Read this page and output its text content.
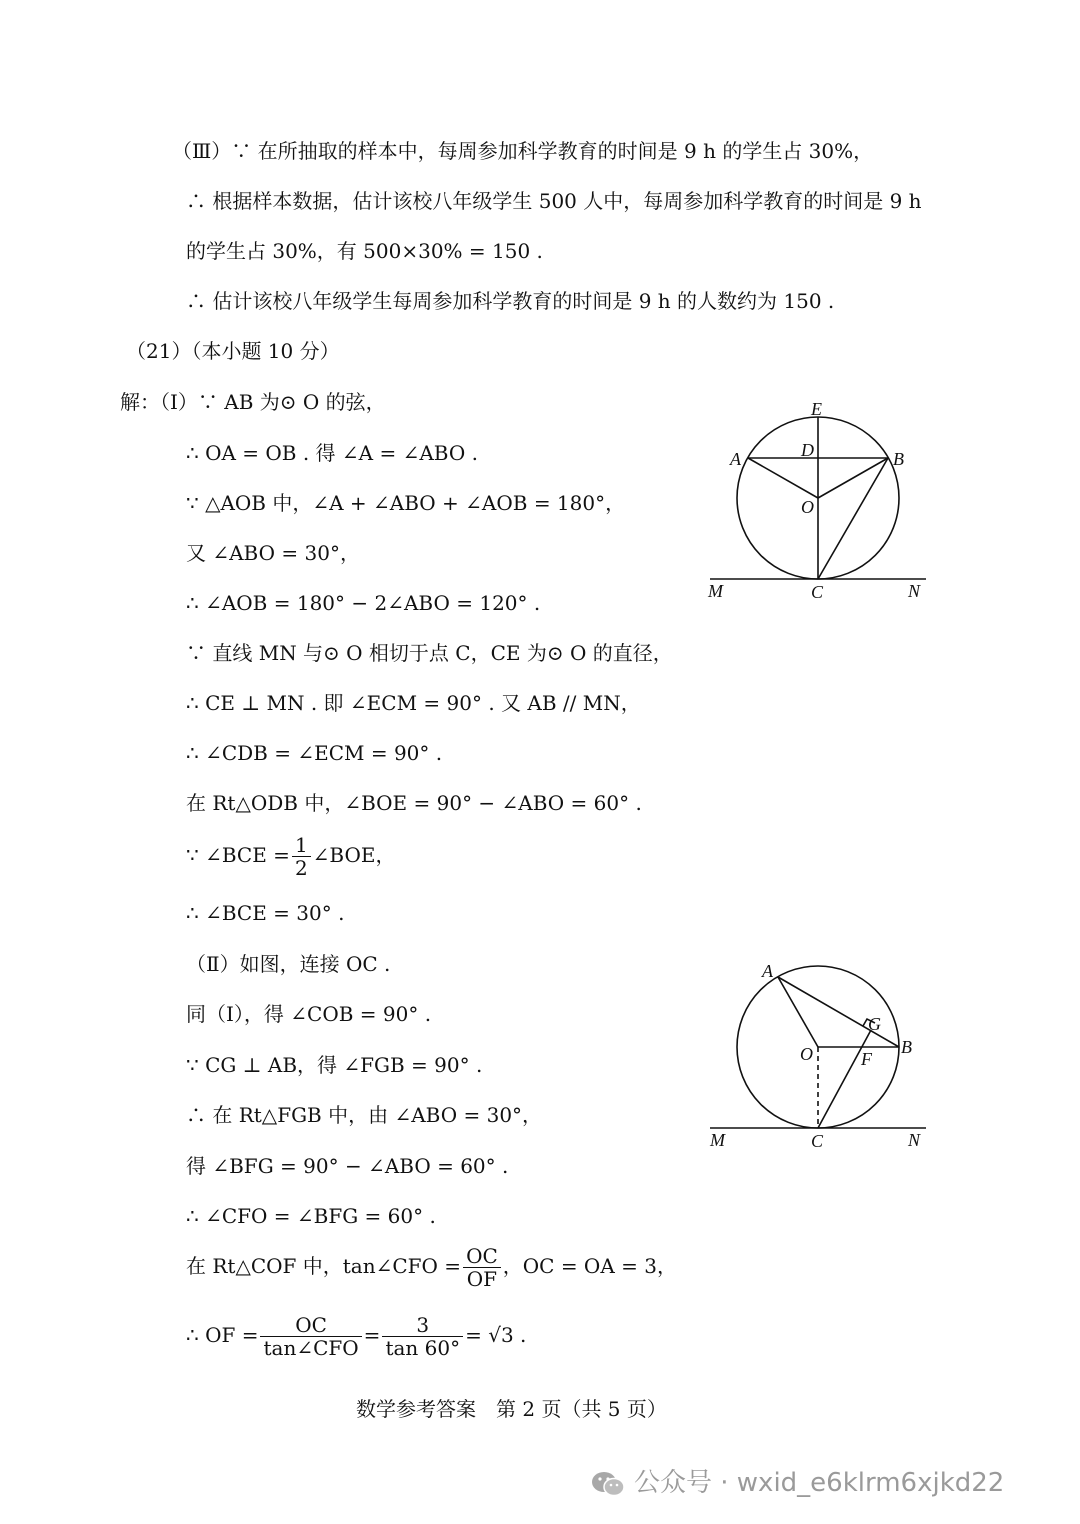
（Ⅲ）∵ 在所抽取的样本中，每周参加科学教育的时间是 9 h 的学生占 30%，
∴ 根据样本数据，估计该校八年级学生 500 人中，每周参加科学教育的时间是 9 h
的学生占 30%，有 500×30% = 150 .
∴ 估计该校八年级学生每周参加科学教育的时间是 9 h 的人数约为 150 .
（21）（本小题 10 分）
解：（Ⅰ）∵ AB 为⊙ O 的弦，
∴ OA = OB . 得 ∠A = ∠ABO .
∵ △AOB 中，∠A + ∠ABO + ∠AOB = 180°，
又 ∠ABO = 30°，
∴ ∠AOB = 180° − 2∠ABO = 120° .
∵ 直线 MN 与⊙ O 相切于点 C，CE 为⊙ O 的直径，
∴ CE ⊥ MN . 即 ∠ECM = 90° . 又 AB // MN，
∴ ∠CDB = ∠ECM = 90° .
在 Rt△ODB 中，∠BOE = 90° − ∠ABO = 60° .
∵ ∠BCE = $\frac{1}{2}$ ∠BOE，
∴ ∠BCE = 30° .
（Ⅱ）如图，连接 OC .
同（Ⅰ），得 ∠COB = 90° .
∵ CG ⊥ AB，得 ∠FGB = 90° .
∴ 在 Rt△FGB 中，由 ∠ABO = 30°，
得 ∠BFG = 90° − ∠ABO = 60° .
∴ ∠CFO = ∠BFG = 60° .
在 Rt△COF 中，tan∠CFO = $\frac{OC}{OF}$ ，OC = OA = 3，
∴ OF = $\frac{OC}{\text{tan∠CFO}} = \frac{3}{\tan 60^\circ} = √3$ .
E
D
A	B
O
M	C	N
A
G
B
O	F
M	C	N
数学参考答案　第 2 页（共 5 页）
公众号 · wxid_e6klrm6xjkd22
